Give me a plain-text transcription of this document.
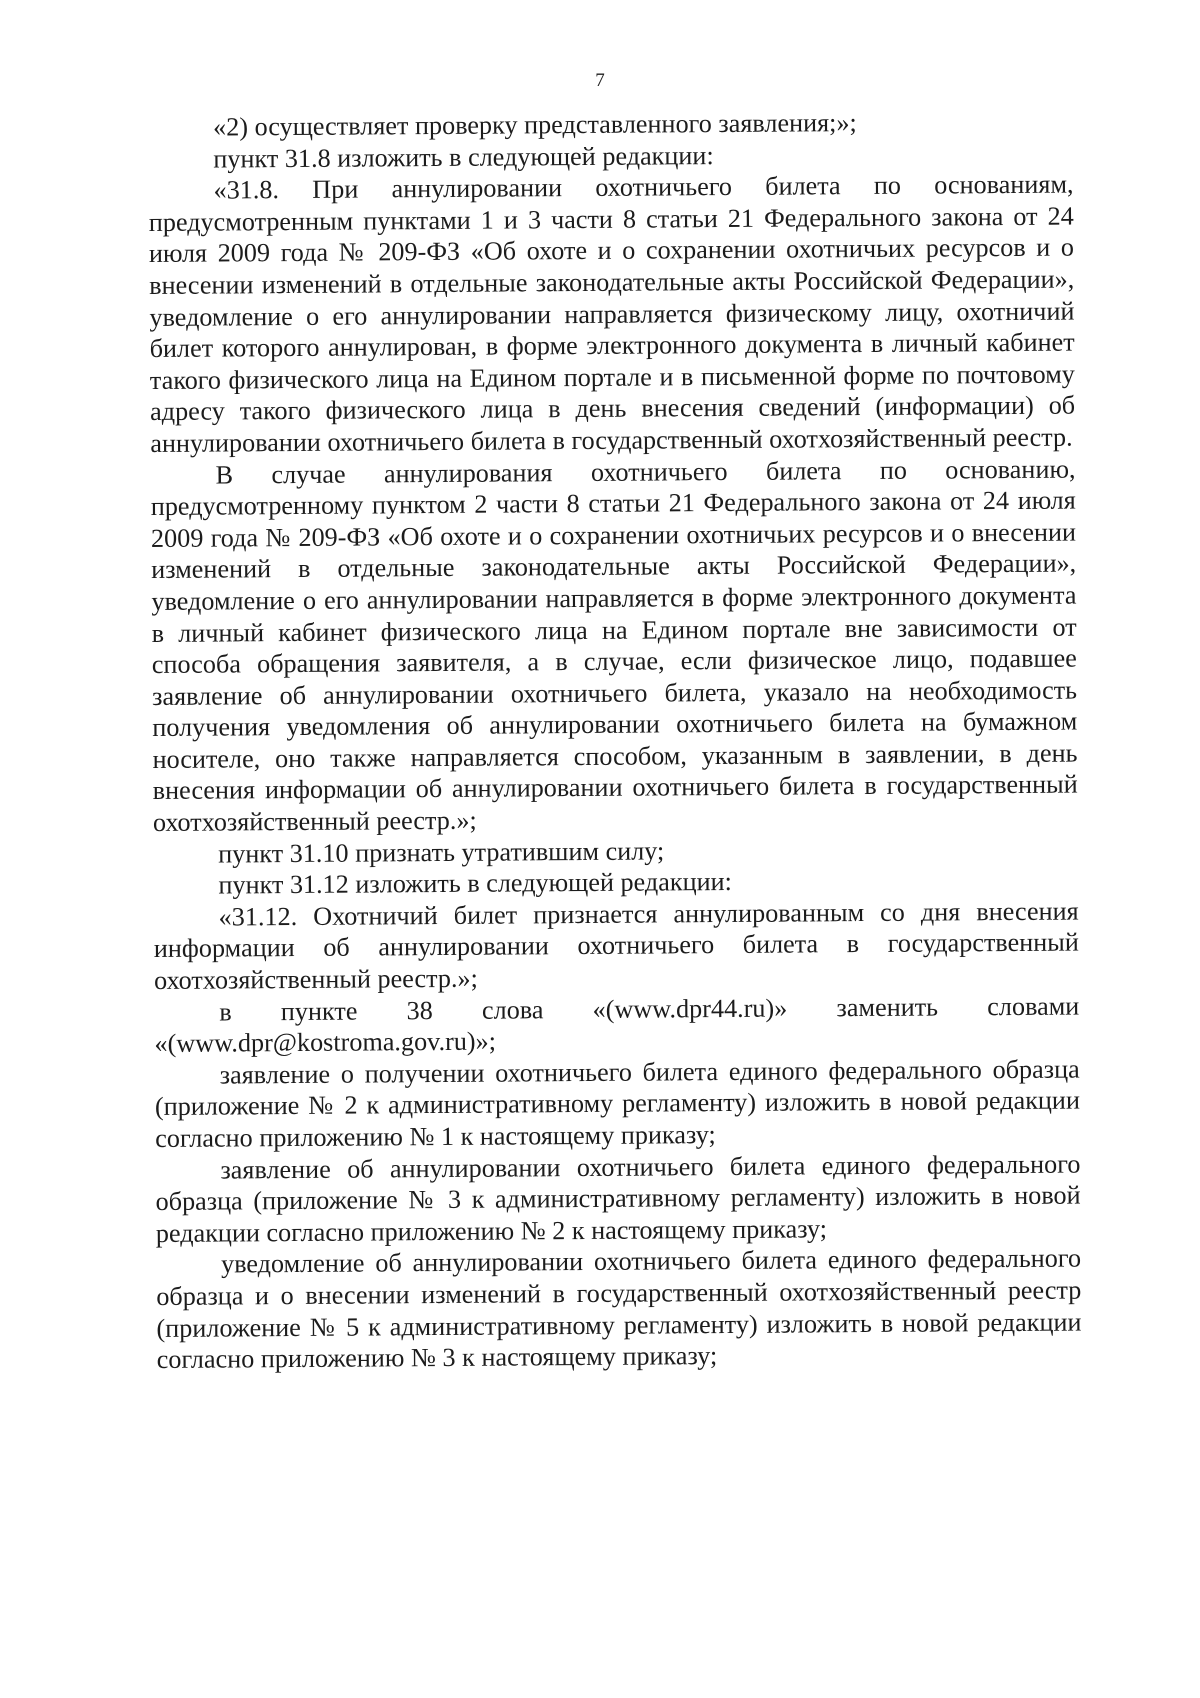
7

«2) осуществляет проверку представленного заявления;»;

пункт 31.8 изложить в следующей редакции:

«31.8. При аннулировании охотничьего билета по основаниям, предусмотренным пунктами 1 и 3 части 8 статьи 21 Федерального закона от 24 июля 2009 года № 209-ФЗ «Об охоте и о сохранении охотничьих ресурсов и о внесении изменений в отдельные законодательные акты Российской Федерации», уведомление о его аннулировании направляется физическому лицу, охотничий билет которого аннулирован, в форме электронного документа в личный кабинет такого физического лица на Едином портале и в письменной форме по почтовому адресу такого физического лица в день внесения сведений (информации) об аннулировании охотничьего билета в государственный охотхозяйственный реестр.

В случае аннулирования охотничьего билета по основанию, предусмотренному пунктом 2 части 8 статьи 21 Федерального закона от 24 июля 2009 года № 209-ФЗ «Об охоте и о сохранении охотничьих ресурсов и о внесении изменений в отдельные законодательные акты Российской Федерации», уведомление о его аннулировании направляется в форме электронного документа в личный кабинет физического лица на Едином портале вне зависимости от способа обращения заявителя, а в случае, если физическое лицо, подавшее заявление об аннулировании охотничьего билета, указало на необходимость получения уведомления об аннулировании охотничьего билета на бумажном носителе, оно также направляется способом, указанным в заявлении, в день внесения информации об аннулировании охотничьего билета в государственный охотхозяйственный реестр.»;

пункт 31.10 признать утратившим силу;

пункт 31.12 изложить в следующей редакции:

«31.12. Охотничий билет признается аннулированным со дня внесения информации об аннулировании охотничьего билета в государственный охотхозяйственный реестр.»;

в пункте 38 слова «(www.dpr44.ru)» заменить словами «(www.dpr@kostroma.gov.ru)»;

заявление о получении охотничьего билета единого федерального образца (приложение № 2 к административному регламенту) изложить в новой редакции согласно приложению № 1 к настоящему приказу;

заявление об аннулировании охотничьего билета единого федерального образца (приложение № 3 к административному регламенту) изложить в новой редакции согласно приложению № 2 к настоящему приказу;

уведомление об аннулировании охотничьего билета единого федерального образца и о внесении изменений в государственный охотхозяйственный реестр (приложение № 5 к административному регламенту) изложить в новой редакции согласно приложению № 3 к настоящему приказу;
